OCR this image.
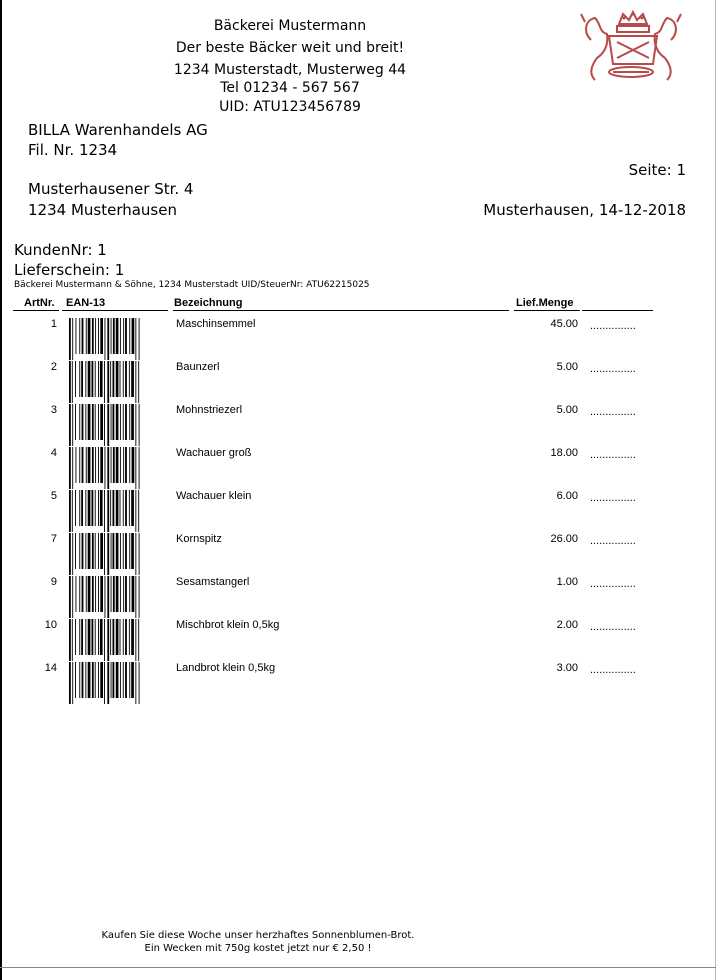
Bäckerei Mustermann
Der beste Bäcker weit und breit!
1234 Musterstadt, Musterweg 44
Tel 01234 - 567 567
UID: ATU123456789
BILLA Warenhandels AG
Fil. Nr. 1234
Seite: 1
Musterhausener Str. 4
1234 Musterhausen	Musterhausen, 14-12-2018
KundenNr: 1
Lieferschein: 1
Bäckerei Mustermann & Söhne, 1234 Musterstadt UID/SteuerNr: ATU62215025
ArtNr. EAN-13	Bezeichnung	Lief.Menge
1	Maschinsemmel	45.00 ...............
2	Baunzerl	5.00 ...............
3	Mohnstriezerl	5.00 ...............
4	Wachauer groß	18.00 ...............
5	Wachauer klein	6.00 ...............
7	Kornspitz	26.00 ...............
9	Sesamstangerl	1.00 ...............
10	Mischbrot klein 0,5kg	2.00 ...............
14	Landbrot klein 0,5kg	3.00 ...............
Kaufen Sie diese Woche unser herzhaftes Sonnenblumen-Brot.
Ein Wecken mit 750g kostet jetzt nur € 2,50 !
